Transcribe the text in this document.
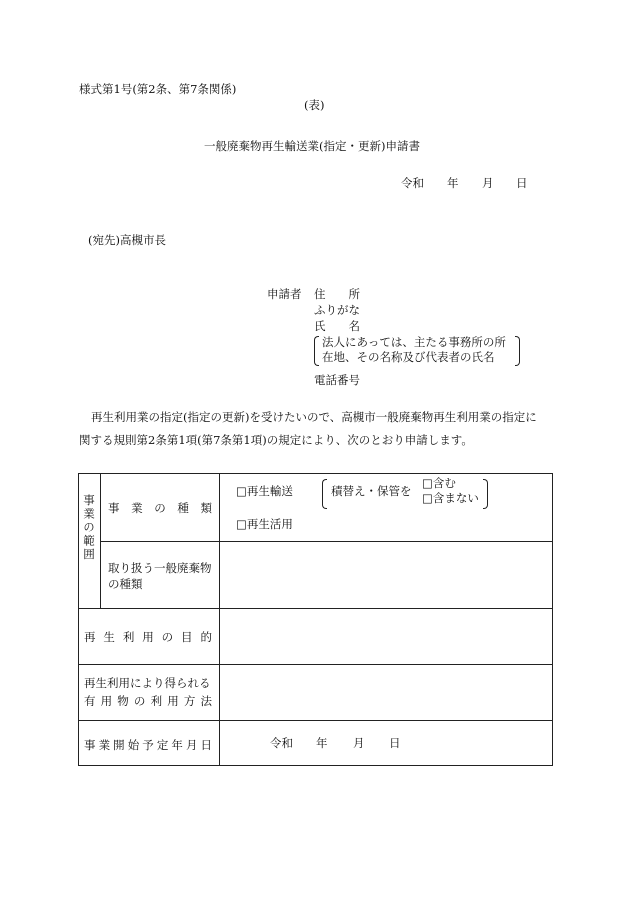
様式第1号(第2条、第7条関係)
(表)
一般廃棄物再生輸送業(指定・更新)申請書
令和 年 月 日
(宛先)高槻市長
申請者 住　　所
ふりがな
氏　　名
法人にあっては、主たる事務所の所
在地、その名称及び代表者の氏名
電話番号
再生利用業の指定(指定の更新)を受けたいので、高槻市一般廃棄物再生利用業の指定に
関する規則第2条第1項(第7条第1項)の規定により、次のとおり申請します。
事業の範囲 事 業 の 種 類
□再生輸送	積替え・保管を
□含む
□含まない
□再生活用
取り扱う一般廃棄物
の種類
再 生 利 用 の 目 的
再生利用により得られる
有 用 物 の 利 用 方 法
事 業 開 始 予 定 年 月 日	令和 年 月 日
